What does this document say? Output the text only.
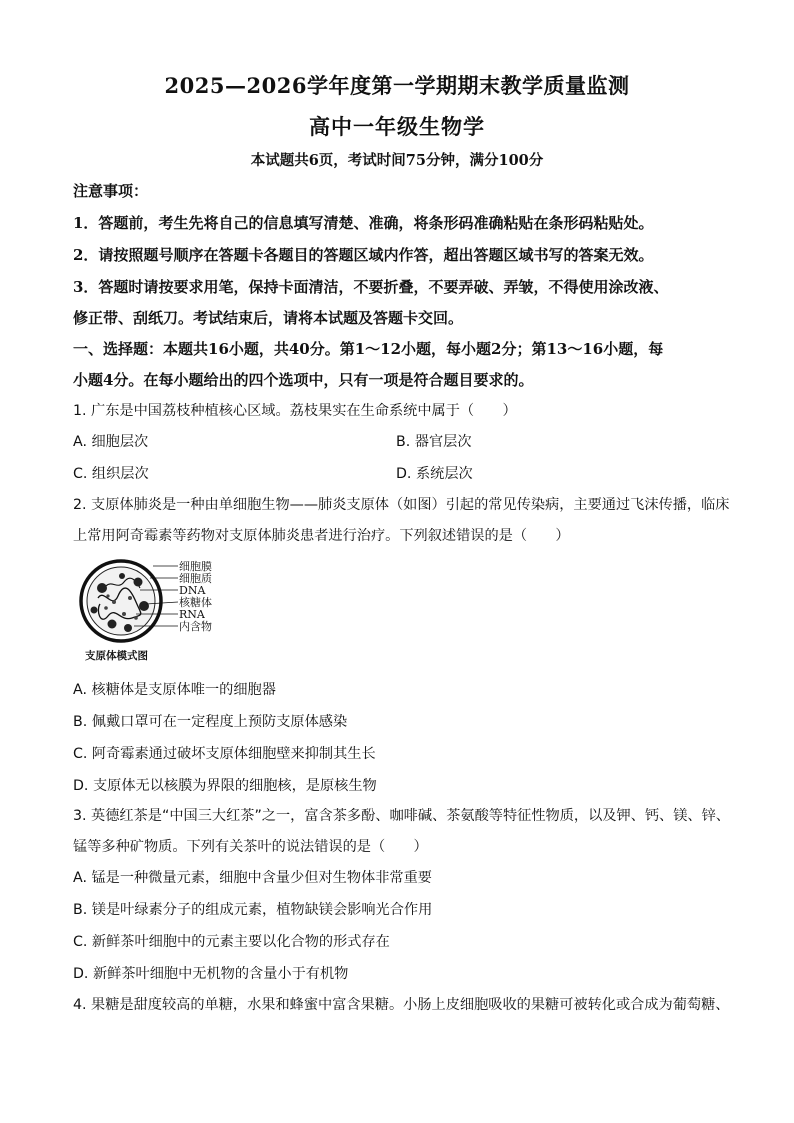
2025—2026学年度第一学期期末教学质量监测
高中一年级生物学
本试题共6页，考试时间75分钟，满分100分
注意事项：
1．答题前，考生先将自己的信息填写清楚、准确，将条形码准确粘贴在条形码粘贴处。
2．请按照题号顺序在答题卡各题目的答题区域内作答，超出答题区域书写的答案无效。
3．答题时请按要求用笔，保持卡面清洁，不要折叠，不要弄破、弄皱，不得使用涂改液、
修正带、刮纸刀。考试结束后，请将本试题及答题卡交回。
一、选择题：本题共16小题，共40分。第1～12小题，每小题2分；第13～16小题，每
小题4分。在每小题给出的四个选项中，只有一项是符合题目要求的。
1. 广东是中国荔枝种植核心区域。荔枝果实在生命系统中属于（　　）
A. 细胞层次	B. 器官层次
C. 组织层次	D. 系统层次
2. 支原体肺炎是一种由单细胞生物——肺炎支原体（如图）引起的常见传染病，主要通过飞沫传播，临床
上常用阿奇霉素等药物对支原体肺炎患者进行治疗。下列叙述错误的是（　　）
细胞膜
细胞质
DNA
核糖体
RNA
内含物
支原体模式图
A. 核糖体是支原体唯一的细胞器
B. 佩戴口罩可在一定程度上预防支原体感染
C. 阿奇霉素通过破坏支原体细胞壁来抑制其生长
D. 支原体无以核膜为界限的细胞核，是原核生物
3. 英德红茶是“中国三大红茶”之一，富含茶多酚、咖啡碱、茶氨酸等特征性物质，以及钾、钙、镁、锌、
锰等多种矿物质。下列有关茶叶的说法错误的是（　　）
A. 锰是一种微量元素，细胞中含量少但对生物体非常重要
B. 镁是叶绿素分子的组成元素，植物缺镁会影响光合作用
C. 新鲜茶叶细胞中的元素主要以化合物的形式存在
D. 新鲜茶叶细胞中无机物的含量小于有机物
4. 果糖是甜度较高的单糖，水果和蜂蜜中富含果糖。小肠上皮细胞吸收的果糖可被转化或合成为葡萄糖、
